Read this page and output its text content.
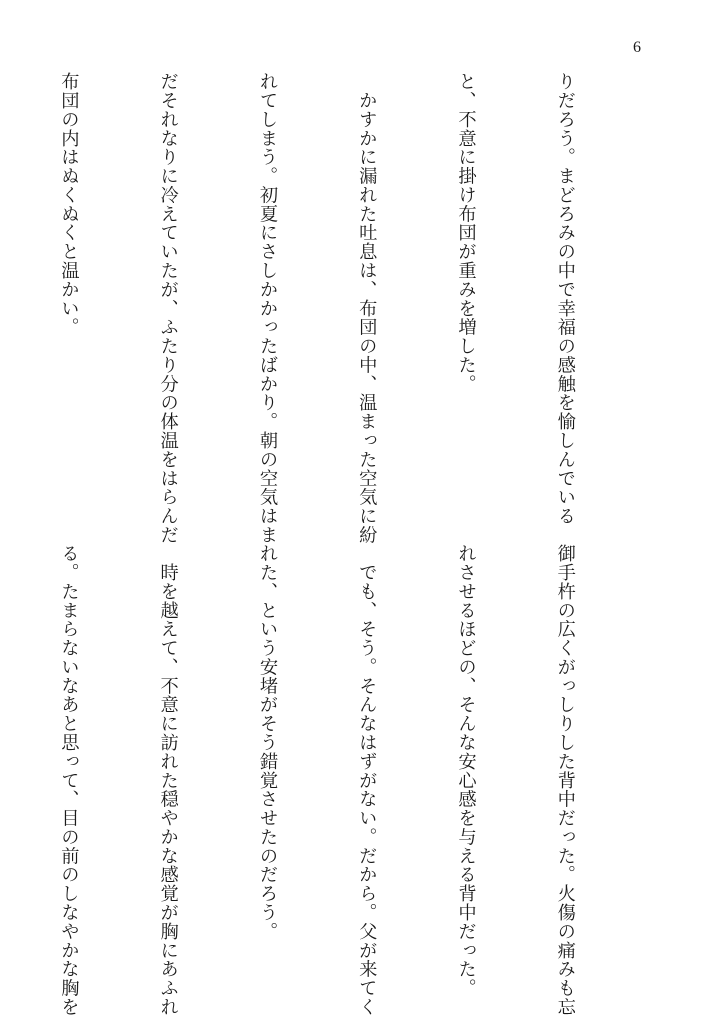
6

りだろう。まどろみの中で幸福の感触を愉しんでいる

と、不意に掛け布団が重みを増した。

　かすかに漏れた吐息は、布団の中、温まった空気に紛

れてしまう。初夏にさしかかったばかり。朝の空気はま

だそれなりに冷えていたが、ふたり分の体温をはらんだ

布団の内はぬくぬくと温かい。

御手杵の広くがっしりした背中だった。火傷の痛みも忘

れさせるほどの、そんな安心感を与える背中だった。

　でも、そう。そんなはずがない。だから。父が来てく

れた、という安堵がそう錯覚させたのだろう。

　時を越えて、不意に訪れた穏やかな感覚が胸にあふれ

る。たまらないなあと思って、目の前のしなやかな胸を
